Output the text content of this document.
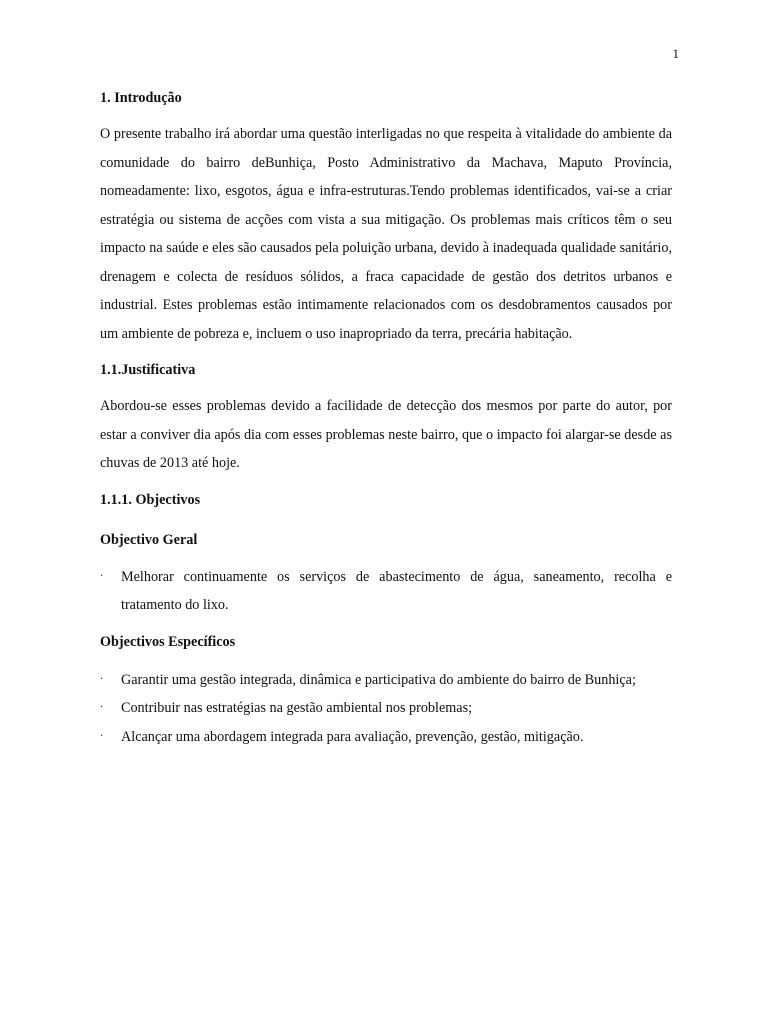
1
1. Introdução

O presente trabalho irá abordar uma questão interligadas no que respeita à vitalidade do ambiente da comunidade do bairro deBunhiça, Posto Administrativo da Machava, Maputo Província, nomeadamente: lixo, esgotos, água e infra-estruturas.Tendo problemas identificados, vai-se a criar estratégia ou sistema de acções com vista a sua mitigação. Os problemas mais críticos têm o seu impacto na saúde e eles são causados pela poluição urbana, devido à inadequada qualidade sanitário, drenagem e colecta de resíduos sólidos, a fraca capacidade de gestão dos detritos urbanos e industrial. Estes problemas estão intimamente relacionados com os desdobramentos causados por um ambiente de pobreza e, incluem o uso inapropriado da terra, precária habitação.

1.1.Justificativa

Abordou-se esses problemas devido a facilidade de detecção dos mesmos por parte do autor, por estar a conviver dia após dia com esses problemas neste bairro, que o impacto foi alargar-se desde as chuvas de 2013 até hoje.

1.1.1. Objectivos
Objectivo Geral
· Melhorar continuamente os serviços de abastecimento de água, saneamento, recolha e tratamento do lixo.
Objectivos Específicos
· Garantir uma gestão integrada, dinâmica e participativa do ambiente do bairro de Bunhiça;
· Contribuir nas estratégias na gestão ambiental nos problemas;
· Alcançar uma abordagem integrada para avaliação, prevenção, gestão, mitigação.
